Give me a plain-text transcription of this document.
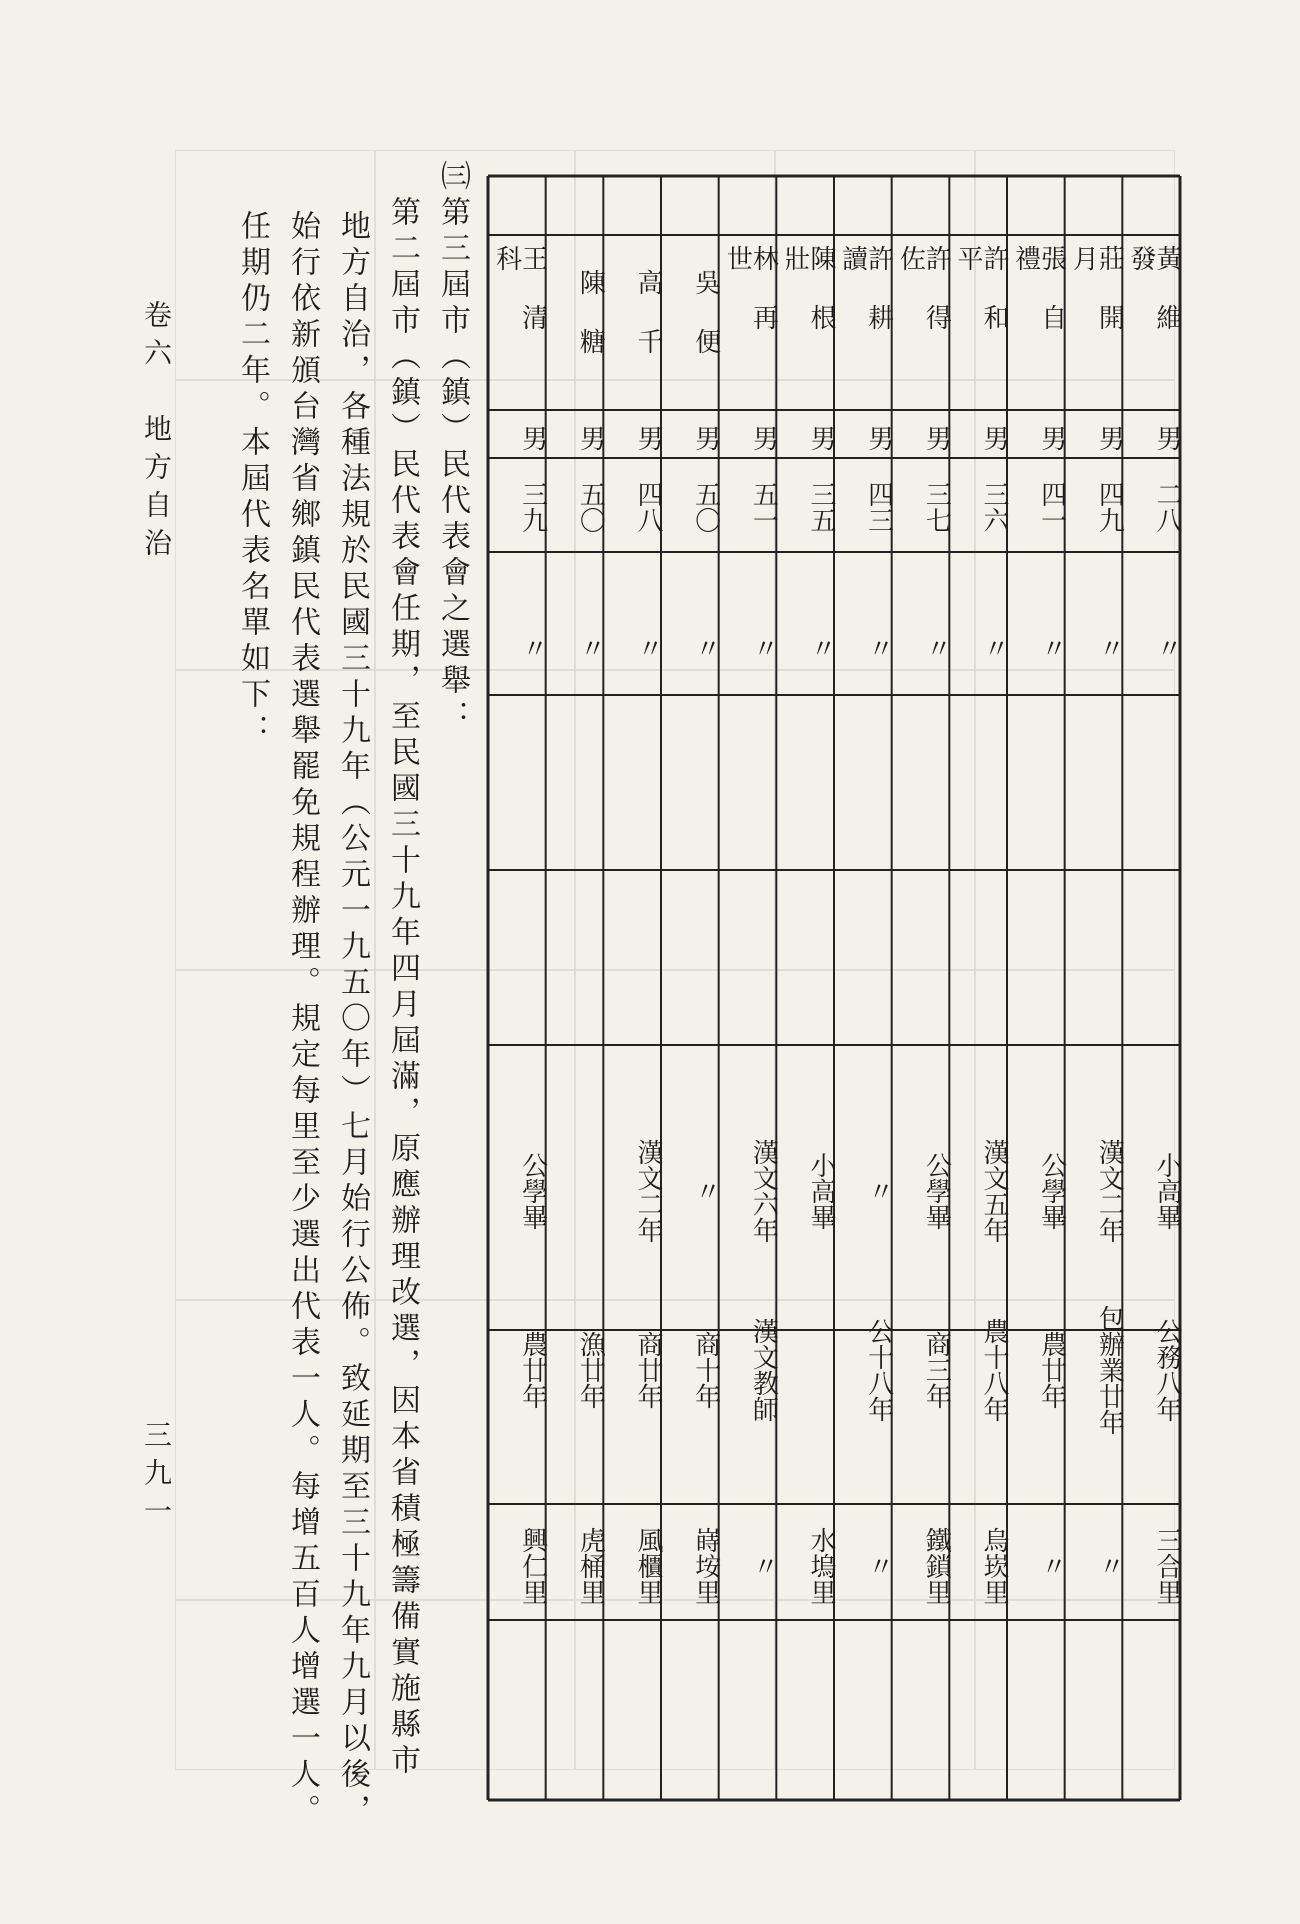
卷六　地方自治
三九一
㈢第三屆市（鎮）民代表會之選舉：
　第二屆市（鎮）民代表會任期，至民國三十九年四月屆滿，原應辦理改選，因本省積極籌備實施縣市
地方自治，各種法規於民國三十九年（公元一九五〇年）七月始行公佈。致延期至三十九年九月以後，
始行依新頒台灣省鄉鎮民代表選舉罷免規程辦理。規定每里至少選出代表一人。每增五百人增選一人。
任期仍二年。本屆代表名單如下：	黃維發
男
二八
〃
小高畢
公務八年
三合里
莊開月
男
四九
〃
漢文二年
包辦業廿年
〃
張自禮
男
四一
〃
公學畢
農廿年
〃
許和平
男
三六
〃
漢文五年
農十八年
烏崁里
許得佐
男
三七
〃
公學畢
商三年
鐵鎖里
許耕讀
男
四三
〃
〃
公十八年
〃
陳根壯
男
三五
〃
小高畢
水塢里
林再世
男
五一
〃
漢文六年
漢文教師
〃
吳便
男
五〇
〃
〃
商十年
嵵垵里
高千
男
四八
〃
漢文二年
商廿年
風櫃里
陳糖
男
五〇
〃
漁廿年
虎桶里
王清科
男
三九
〃
公學畢
農廿年
興仁里
